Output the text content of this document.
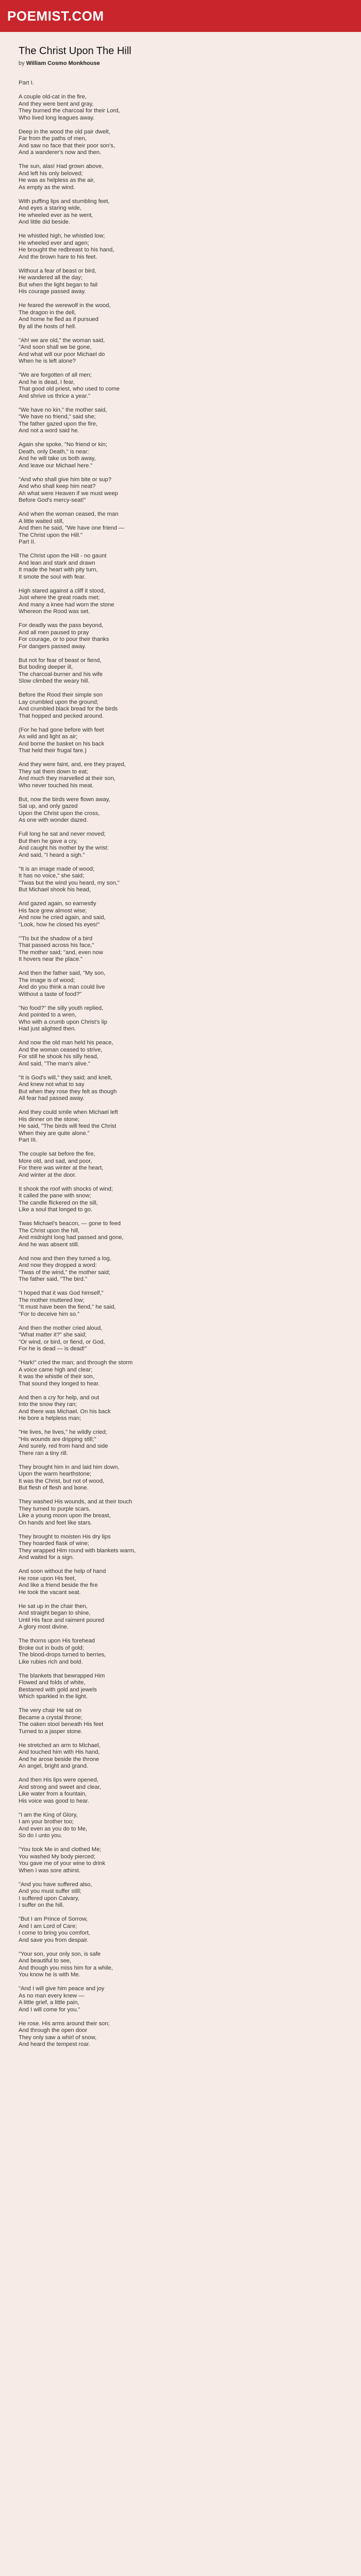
POEMIST.COM
The Christ Upon The Hill
by William Cosmo Monkhouse
Part I.
A couple old-cat in the fire,
And they were bent and gray,
They burned the charcoal for their Lord,
Who lived long leagues away.
Deep in the wood the old pair dwelt,
Far from the paths of men,
And saw no face that their poor son's,
And a wanderer's now and then.
The sun, alas! Had grown above,
And left his only beloved;
He was as helpless as the air,
As empty as the wind.
With puffing lips and stumbling feet,
And eyes a staring wide,
He wheeled ever as he went,
And little did beside.
He whistled high, he whistled low;
He wheeled ever and agen;
He brought the redbreast to his hand,
And the brown hare to his feet.
Without a fear of beast or bird,
He wandered all the day;
But when the light began to fail
His courage passed away.
He feared the werewolf in the wood,
The dragon in the dell,
And home he fled as if pursued
By all the hosts of hell.
"Ah! we are old," the woman said,
"And soon shall we be gone,
And what will our poor Michael do
When he is left alone?
"We are forgotten of all men;
And he is dead, I fear,
That good old priest, who used to come
And shrive us thrice a year."
"We have no kin," the mother said,
"We have no friend," said she;
The father gazed upon the fire,
And not a word said he.
Again she spoke, "No friend or kin;
Death, only Death," is near:
And he will take us both away,
And leave our Michael here."
"And who shall give him bite or sup?
And who shall keep him neat?
Ah what were Heaven if we must weep
Before God's mercy-seat!"
And when the woman ceased, the man
A little waited still,
And then he said, "We have one friend —
The Christ upon the Hill."
Part II.
The Christ upon the Hill - no gaunt
And lean and stark and drawn
It made the heart with pity turn,
It smote the soul with fear.
High stared against a cliff it stood,
Just where the great roads met;
And many a knee had worn the stone
Whereon the Rood was set.
For deadly was the pass beyond,
And all men paused to pray
For courage, or to pour their thanks
For dangers passed away.
But not for fear of beast or fiend,
But boding deeper ill,
The charcoal-burner and his wife
Slow climbed the weary hill.
Before the Rood their simple son
Lay crumbled upon the ground;
And crumbled black bread for the birds
That hopped and pecked around.
(For he had gone before with feet
As wild and light as air;
And borne the basket on his back
That held their frugal fare.)
And they were faint, and, ere they prayed,
They sat them down to eat;
And much they marvelled at their son,
Who never touched his meat.
But, now the birds were flown away,
Sat up, and only gazed
Upon the Christ upon the cross,
As one with wonder dazed.
Full long he sat and never moved;
But then he gave a cry,
And caught his mother by the wrist:
And said, "I heard a sigh."
"It is an image made of wood;
It has no voice," she said;
"Twas but the wind you heard, my son,"
But Michael shook his head,
And gazed again, so earnestly
His face grew almost wise;
And now he cried again, and said,
"Look, how he closed his eyes!"
"'Tis but the shadow of a bird
That passed across his face,"
The mother said; "and, even now
It hovers near the place."
And then the father said, "My son,
The image is of wood;
And do you think a man could live
Without a taste of food?"
"No food?" the silly youth replied,
And pointed to a wren,
Who with a crumb upon Christ's lip
Had just alighted then.
And now the old man held his peace,
And the woman ceased to strive,
For still he shook his silly head,
And said, "The man's alive."
"It is God's will," they said; and knelt,
And knew not what to say
But when they rose they felt as though
All fear had passed away.
And they could smile when Michael left
His dinner on the stone;
He said, "The birds will feed the Christ
When they are quite alone."
Part III.
The couple sat before the fire,
More old, and sad, and poor,
For there was winter at the heart,
And winter at the door.
It shook the roof with shocks of wind;
It called the pane with snow;
The candle flickered on the sill,
Like a soul that longed to go.
Twas Michael's beacon, — gone to feed
The Christ upon the hill,
And midnight long had passed and gone,
And he was absent still.
And now and then they turned a log,
And now they dropped a word:
"Twas of the wind," the mother said;
The father said, "The bird."
"I hoped that it was God himself,"
The mother muttered low;
"It must have been the fiend," he said,
"For to deceive him so."
And then the mother cried aloud,
"What matter it?" she said;
"Or wind, or bird, or fiend, or God,
For he is dead — is dead!"
"Hark!" cried the man; and through the storm
A voice came high and clear;
It was the whistle of their son,
That sound they longed to hear.
And then a cry for help, and out
Into the snow they ran;
And there was Michael. On his back
He bore a helpless man;
"He lives, he lives," he wildly cried;
"His wounds are dripping still;"
And surely, red from hand and side
There ran a tiny rill.
They brought him in and laid him down,
Upon the warm hearthstone;
It was the Christ, but not of wood,
But flesh of flesh and bone.
They washed His wounds, and at their touch
They turned to purple scars,
Like a young moon upon the breast,
On hands and feet like stars.
They brought to moisten His dry lips
They hoarded flask of wine;
They wrapped Him round with blankets warm,
And waited for a sign.
And soon without the help of hand
He rose upon His feet,
And like a friend beside the fire
He took the vacant seat.
He sat up in the chair then,
And straight began to shine,
Until His face and raiment poured
A glory most divine.
The thorns upon His forehead
Broke out in buds of gold;
The blood-drops turned to berries,
Like rubies rich and bold.
The blankets that bewrapped Him
Flowed and folds of white,
Bestarred with gold and jewels
Which sparkled in the light.
The very chair He sat on
Became a crystal throne;
The oaken stool beneath His feet
Turned to a jasper stone.
He stretched an arm to Michael,
And touched him with His hand,
And he arose beside the throne
An angel, bright and grand.
And then His lips were opened,
And strong and sweet and clear,
Like water from a fountain,
His voice was good to hear.
"I am the King of Glory,
I am your brother too;
And even as you do to Me,
So do I unto you.
"You took Me in and clothed Me;
You washed My body pierced;
You gave me of your wine to drink
When I was sore athirst.
"And you have suffered also,
And you must suffer still;
I suffered upon Calvary,
I suffer on the hill.
"But I am Prince of Sorrow,
And I am Lord of Care;
I come to bring you comfort,
And save you from despair.
"Your son, your only son, is safe
And beautiful to see,
And though you miss him for a while,
You know he is with Me.
"And I will give him peace and joy
As no man every knew —
A little grief, a little pain,
And I will come for you."
He rose. His arms around their son;
And through the open door
They only saw a whirl of snow,
And heard the tempest roar.
